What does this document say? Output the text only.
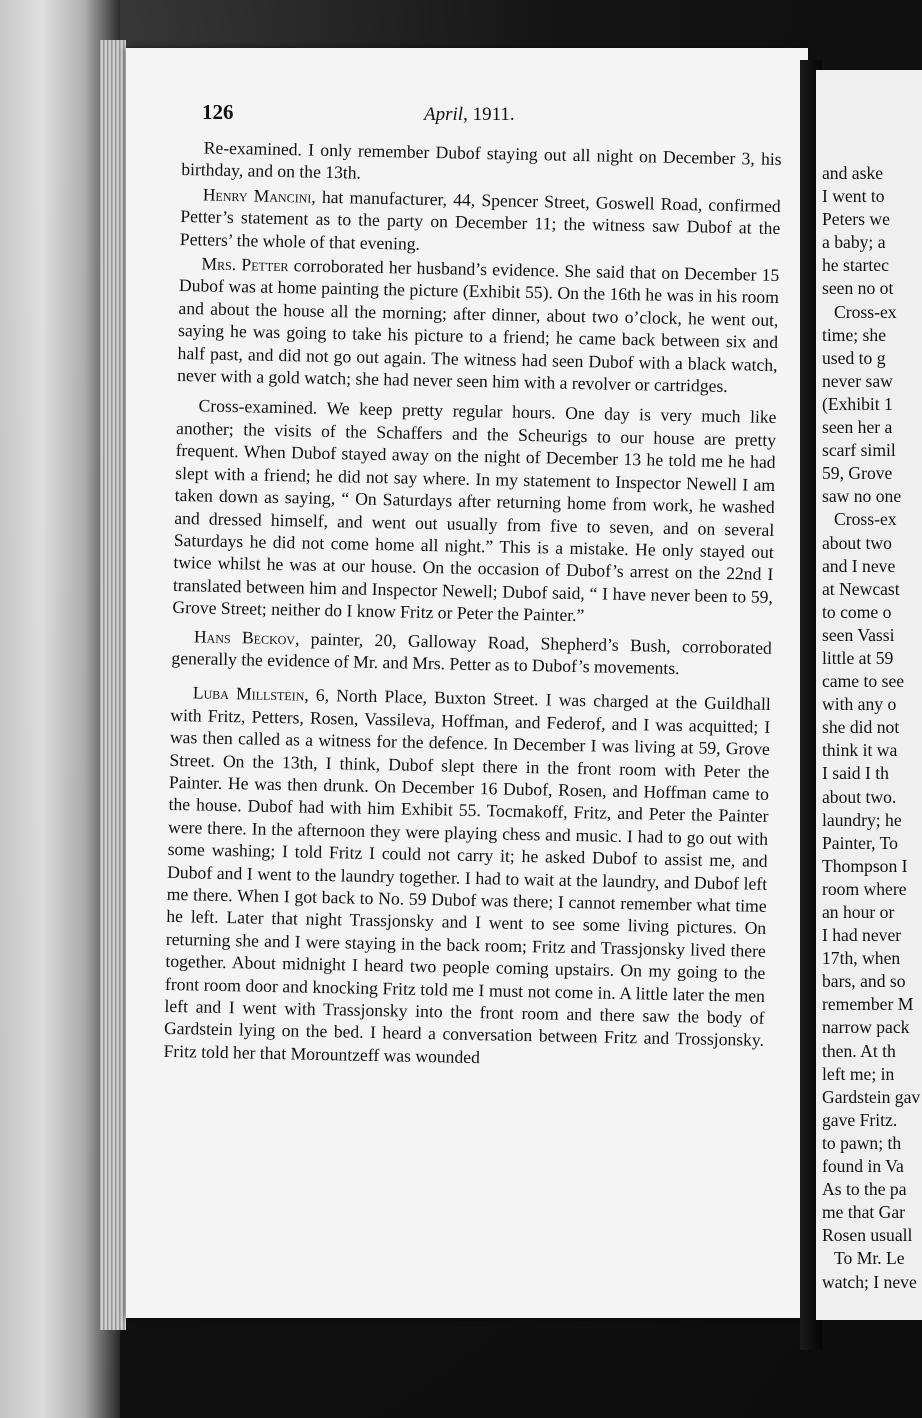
126	April, 1911.

Re-examined. I only remember Dubof staying out all night on December 3, his birthday, and on the 13th.

Henry Mancini, hat manufacturer, 44, Spencer Street, Goswell Road, confirmed Petter’s statement as to the party on December 11; the witness saw Dubof at the Petters’ the whole of that evening.

Mrs. Petter corroborated her husband’s evidence. She said that on December 15 Dubof was at home painting the picture (Exhibit 55). On the 16th he was in his room and about the house all the morning; after dinner, about two o’clock, he went out, saying he was going to take his picture to a friend; he came back between six and half past, and did not go out again. The witness had seen Dubof with a black watch, never with a gold watch; she had never seen him with a revolver or cartridges.

Cross-examined. We keep pretty regular hours. One day is very much like another; the visits of the Schaffers and the Scheurigs to our house are pretty frequent. When Dubof stayed away on the night of December 13 he told me he had slept with a friend; he did not say where. In my statement to Inspector Newell I am taken down as saying, “ On Saturdays after returning home from work, he washed and dressed himself, and went out usually from five to seven, and on several Saturdays he did not come home all night.” This is a mistake. He only stayed out twice whilst he was at our house. On the occasion of Dubof’s arrest on the 22nd I translated between him and Inspector Newell; Dubof said, “ I have never been to 59, Grove Street; neither do I know Fritz or Peter the Painter.”

Hans Beckov, painter, 20, Galloway Road, Shepherd’s Bush, corroborated generally the evidence of Mr. and Mrs. Petter as to Dubof’s movements.

Luba Millstein, 6, North Place, Buxton Street. I was charged at the Guildhall with Fritz, Petters, Rosen, Vassileva, Hoffman, and Federof, and I was acquitted; I was then called as a witness for the defence. In December I was living at 59, Grove Street. On the 13th, I think, Dubof slept there in the front room with Peter the Painter. He was then drunk. On December 16 Dubof, Rosen, and Hoffman came to the house. Dubof had with him Exhibit 55. Tocmakoff, Fritz, and Peter the Painter were there. In the afternoon they were playing chess and music. I had to go out with some washing; I told Fritz I could not carry it; he asked Dubof to assist me, and Dubof and I went to the laundry together. I had to wait at the laundry, and Dubof left me there. When I got back to No. 59 Dubof was there; I cannot remember what time he left. Later that night Trassjonsky and I went to see some living pictures. On returning she and I were staying in the back room; Fritz and Trassjonsky lived there together. About midnight I heard two people coming upstairs. On my going to the front room door and knocking Fritz told me I must not come in. A little later the men left and I went with Trassjonsky into the front room and there saw the body of Gardstein lying on the bed. I heard a conversation between Fritz and Trossjonsky. Fritz told her that Morountzeff was wounded

and aske
I went to
Peters we
a baby; a
he startec
seen no ot
Cross-ex
time; she
used to g
never saw
(Exhibit 1
seen her a
scarf simil
59, Grove
saw no one
Cross-ex
about two
and I neve
at Newcast
to come o
seen Vassi
little at 59
came to see
with any o
she did not
think it wa
I said I th
about two.
laundry; he
Painter, To
Thompson I
room where
an hour or
I had never
17th, when
bars, and so
remember M
narrow pack
then. At th
left me; in
Gardstein gav
gave Fritz.
to pawn; th
found in Va
As to the pa
me that Gar
Rosen usuall
To Mr. Le
watch; I neve
